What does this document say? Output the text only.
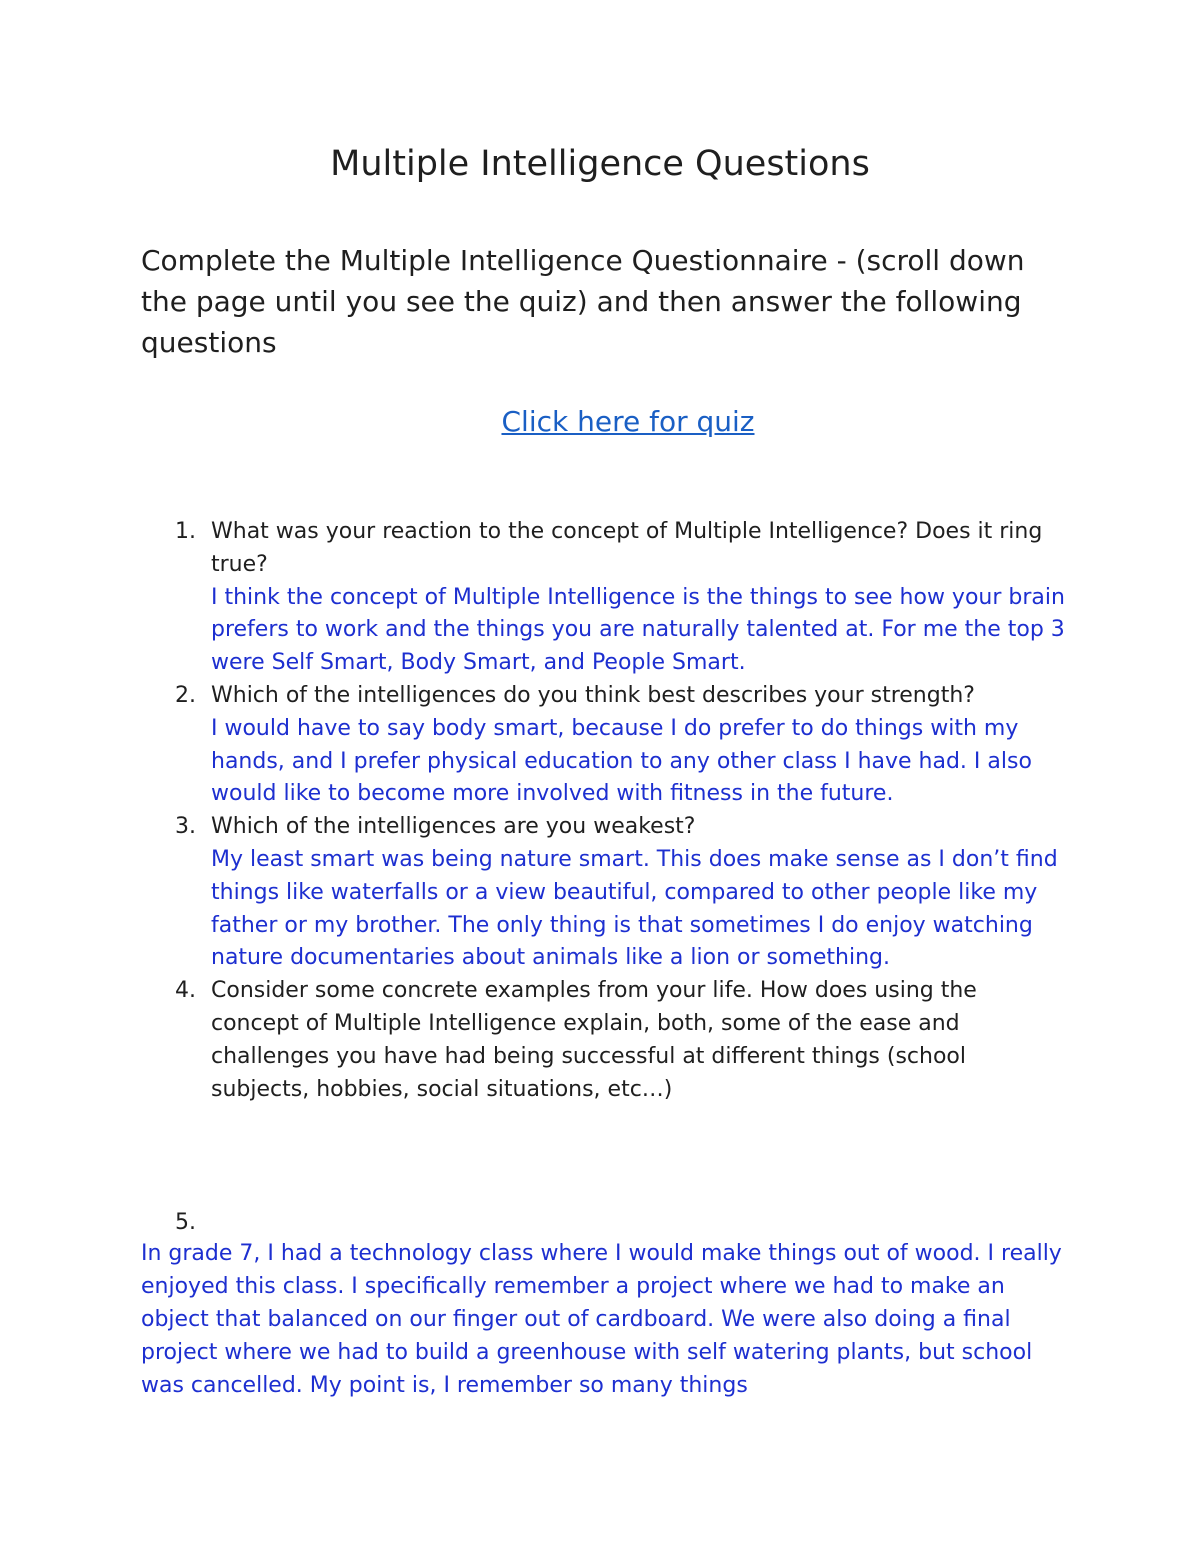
Multiple Intelligence Questions
Complete the Multiple Intelligence Questionnaire - (scroll down the page until you see the quiz) and then answer the following questions
Click here for quiz
1. What was your reaction to the concept of Multiple Intelligence? Does it ring true?
I think the concept of Multiple Intelligence is the things to see how your brain prefers to work and the things you are naturally talented at. For me the top 3 were Self Smart, Body Smart, and People Smart.
2. Which of the intelligences do you think best describes your strength?
I would have to say body smart, because I do prefer to do things with my hands, and I prefer physical education to any other class I have had. I also would like to become more involved with fitness in the future.
3. Which of the intelligences are you weakest?
My least smart was being nature smart. This does make sense as I don’t find things like waterfalls or a view beautiful, compared to other people like my father or my brother. The only thing is that sometimes I do enjoy watching nature documentaries about animals like a lion or something.
4. Consider some concrete examples from your life. How does using the concept of Multiple Intelligence explain, both, some of the ease and challenges you have had being successful at different things (school subjects, hobbies, social situations, etc…)
5.
In grade 7, I had a technology class where I would make things out of wood. I really enjoyed this class. I specifically remember a project where we had to make an object that balanced on our finger out of cardboard. We were also doing a final project where we had to build a greenhouse with self watering plants, but school was cancelled. My point is, I remember so many things
